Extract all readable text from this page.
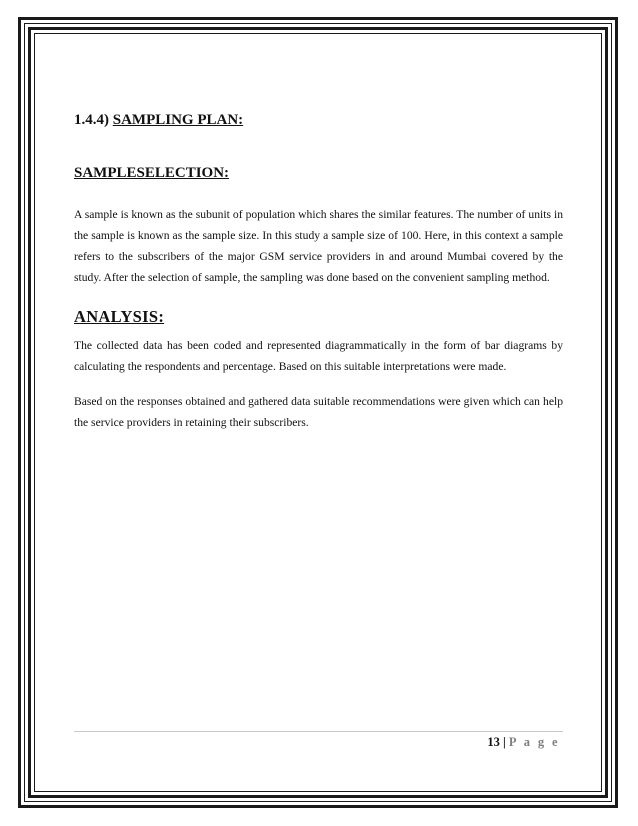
1.4.4) SAMPLING PLAN:

SAMPLESELECTION:

A sample is known as the subunit of population which shares the similar features. The number of units in the sample is known as the sample size. In this study a sample size of 100. Here, in this context a sample refers to the subscribers of the major GSM service providers in and around Mumbai covered by the study. After the selection of sample, the sampling was done based on the convenient sampling method.

ANALYSIS:

The collected data has been coded and represented diagrammatically in the form of bar diagrams by calculating the respondents and percentage. Based on this suitable interpretations were made.

Based on the responses obtained and gathered data suitable recommendations were given which can help the service providers in retaining their subscribers.

13 | P a g e
